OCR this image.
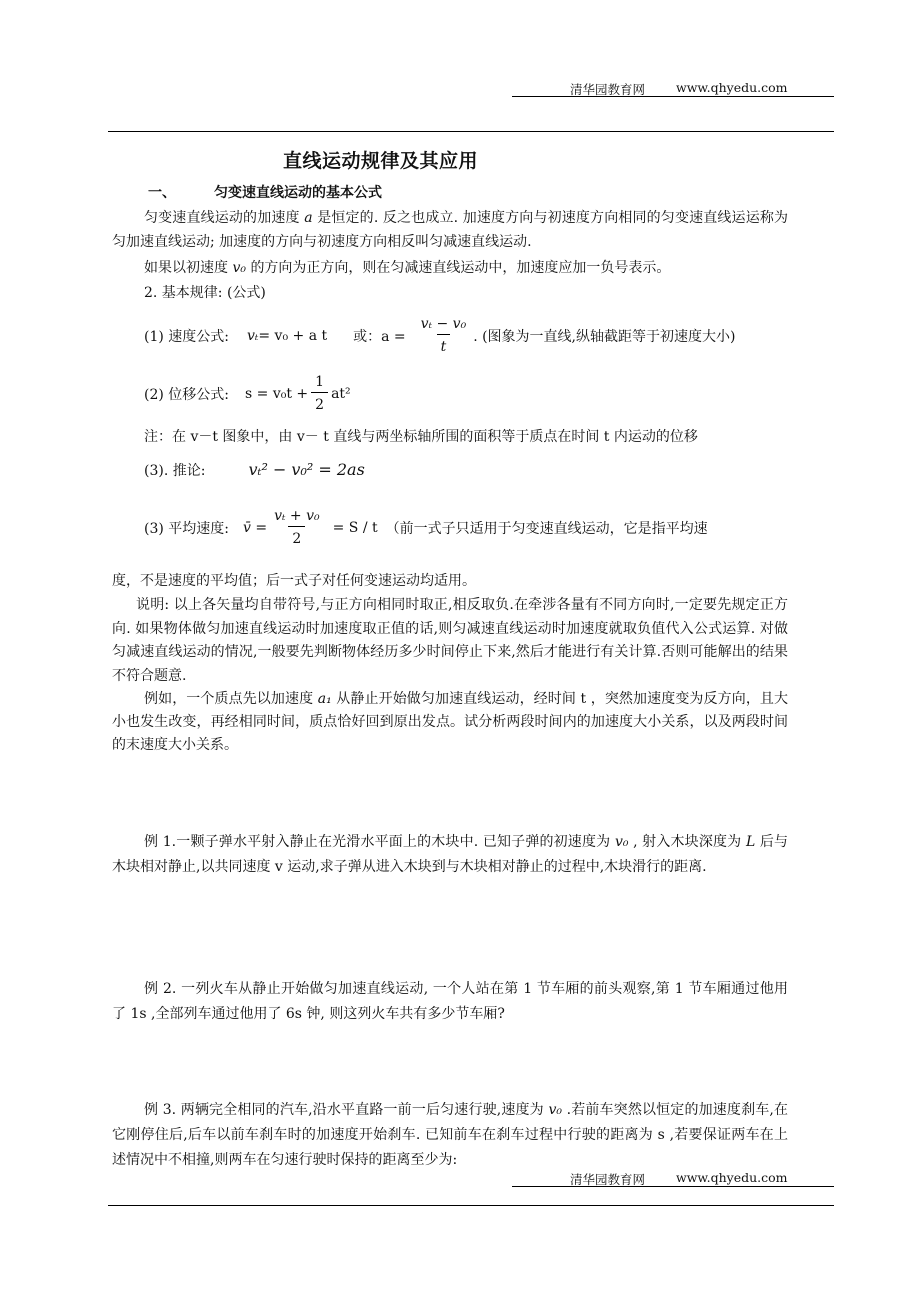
清华园教育网 www.qhyedu.com
直线运动规律及其应用
一、	匀变速直线运动的基本公式
匀变速直线运动的加速度 a 是恒定的. 反之也成立. 加速度方向与初速度方向相同的匀变速直线运运称为匀加速直线运动; 加速度的方向与初速度方向相反叫匀减速直线运动.
如果以初速度 v₀ 的方向为正方向，则在匀减速直线运动中，加速度应加一负号表示。
2. 基本规律: (公式)
(1) 速度公式: vₜ = v₀ + a t 或：$a = \frac{\text{vₜ − v₀}}{t}$ . (图象为一直线,纵轴截距等于初速度大小)
(2) 位移公式: $s = v_0t + \frac{1}{2} at^2$
注：在 v－t 图象中，由 v－ t 直线与两坐标轴所围的面积等于质点在时间 t 内运动的位移
(3). 推论:	vₜ² − v₀² = 2as
(3) 平均速度: v̄ = $\frac{\text{vₜ + v₀}}{2} = S / t$ （前一式子只适用于匀变速直线运动，它是指平均速
度，不是速度的平均值；后一式子对任何变速运动均适用。
说明: 以上各矢量均自带符号,与正方向相同时取正,相反取负.在牵涉各量有不同方向时,一定要先规定正方向. 如果物体做匀加速直线运动时加速度取正值的话,则匀减速直线运动时加速度就取负值代入公式运算. 对做匀减速直线运动的情况,一般要先判断物体经历多少时间停止下来,然后才能进行有关计算.否则可能解出的结果不符合题意.
例如，一个质点先以加速度 a₁ 从静止开始做匀加速直线运动，经时间 t ，突然加速度变为反方向，且大小也发生改变，再经相同时间，质点恰好回到原出发点。试分析两段时间内的加速度大小关系，以及两段时间的末速度大小关系。
例 1.一颗子弹水平射入静止在光滑水平面上的木块中. 已知子弹的初速度为 v₀ , 射入木块深度为 L 后与木块相对静止,以共同速度 v 运动,求子弹从进入木块到与木块相对静止的过程中,木块滑行的距离.
例 2. 一列火车从静止开始做匀加速直线运动, 一个人站在第 1 节车厢的前头观察,第 1 节车厢通过他用了 1s ,全部列车通过他用了 6s 钟, 则这列火车共有多少节车厢?
例 3. 两辆完全相同的汽车,沿水平直路一前一后匀速行驶,速度为 v₀ .若前车突然以恒定的加速度刹车,在它刚停住后,后车以前车刹车时的加速度开始刹车. 已知前车在刹车过程中行驶的距离为 s ,若要保证两车在上述情况中不相撞,则两车在匀速行驶时保持的距离至少为:
清华园教育网 www.qhyedu.com
